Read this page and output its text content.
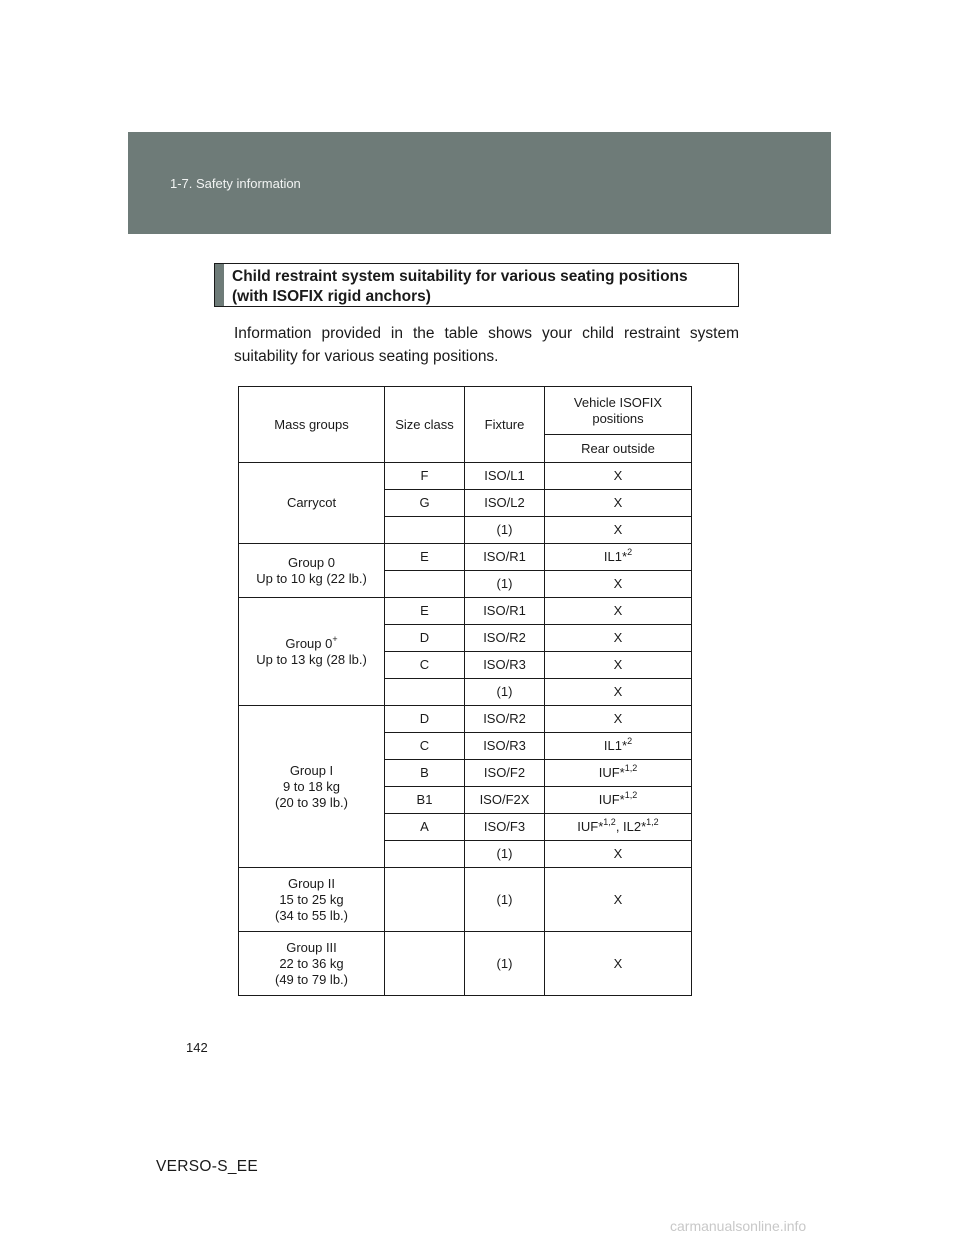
1-7. Safety information
Child restraint system suitability for various seating positions
(with ISOFIX rigid anchors)
Information provided in the table shows your child restraint system suitability for various seating positions.
Mass groups	Size class	Fixture	Vehicle ISOFIX positions
			Rear outside

Carrycot	F	ISO/L1	X
	G	ISO/L2	X
		(1)	X

Group 0
Up to 10 kg (22 lb.)	E	ISO/R1	IL1*$^2$
		(1)	X

Group 0+
Up to 13 kg (28 lb.)	E	ISO/R1	X
	D	ISO/R2	X
	C	ISO/R3	X
		(1)	X

Group I
9 to 18 kg
(20 to 39 lb.)	D	ISO/R2	X
	C	ISO/R3	IL1*$^2$
	B	ISO/F2	IUF*$^{1,2}$
	B1	ISO/F2X	IUF*$^{1,2}$
	A	ISO/F3	IUF*$^{1,2}$, IL2*$^{1,2}$
		(1)	X

Group II
15 to 25 kg
(34 to 55 lb.)		(1)	X

Group III
22 to 36 kg
(49 to 79 lb.)		(1)	X
142
VERSO-S_EE
carmanualsonline.info
